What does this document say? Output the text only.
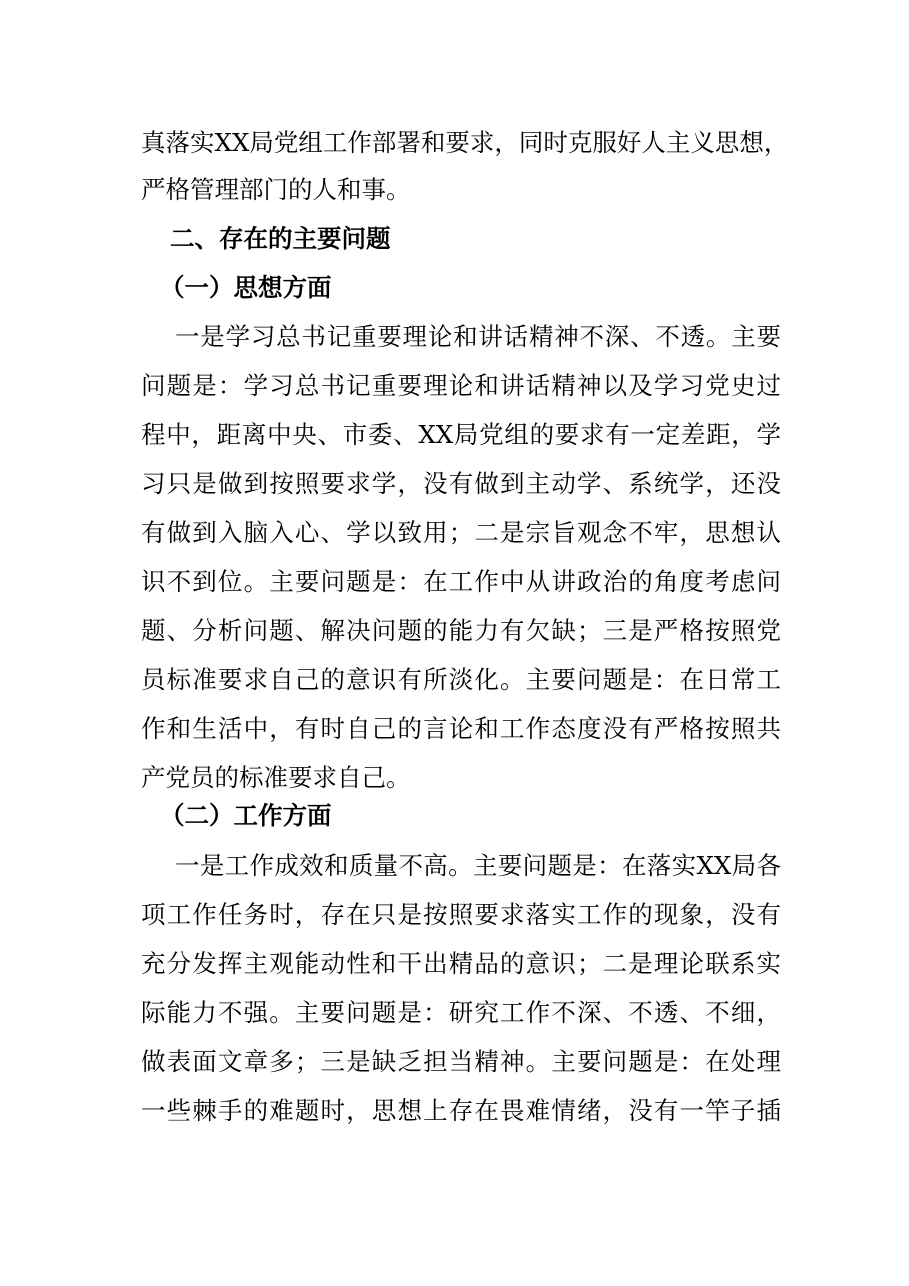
真落实XX局党组工作部署和要求，同时克服好人主义思想，
严格管理部门的人和事。
二、存在的主要问题
（一）思想方面
一是学习总书记重要理论和讲话精神不深、不透。主要
问题是：学习总书记重要理论和讲话精神以及学习党史过
程中，距离中央、市委、XX局党组的要求有一定差距，学
习只是做到按照要求学，没有做到主动学、系统学，还没
有做到入脑入心、学以致用；二是宗旨观念不牢，思想认
识不到位。主要问题是：在工作中从讲政治的角度考虑问
题、分析问题、解决问题的能力有欠缺；三是严格按照党
员标准要求自己的意识有所淡化。主要问题是：在日常工
作和生活中，有时自己的言论和工作态度没有严格按照共
产党员的标准要求自己。
（二）工作方面
一是工作成效和质量不高。主要问题是：在落实XX局各
项工作任务时，存在只是按照要求落实工作的现象，没有
充分发挥主观能动性和干出精品的意识；二是理论联系实
际能力不强。主要问题是：研究工作不深、不透、不细，
做表面文章多；三是缺乏担当精神。主要问题是：在处理
一些棘手的难题时，思想上存在畏难情绪，没有一竿子插
